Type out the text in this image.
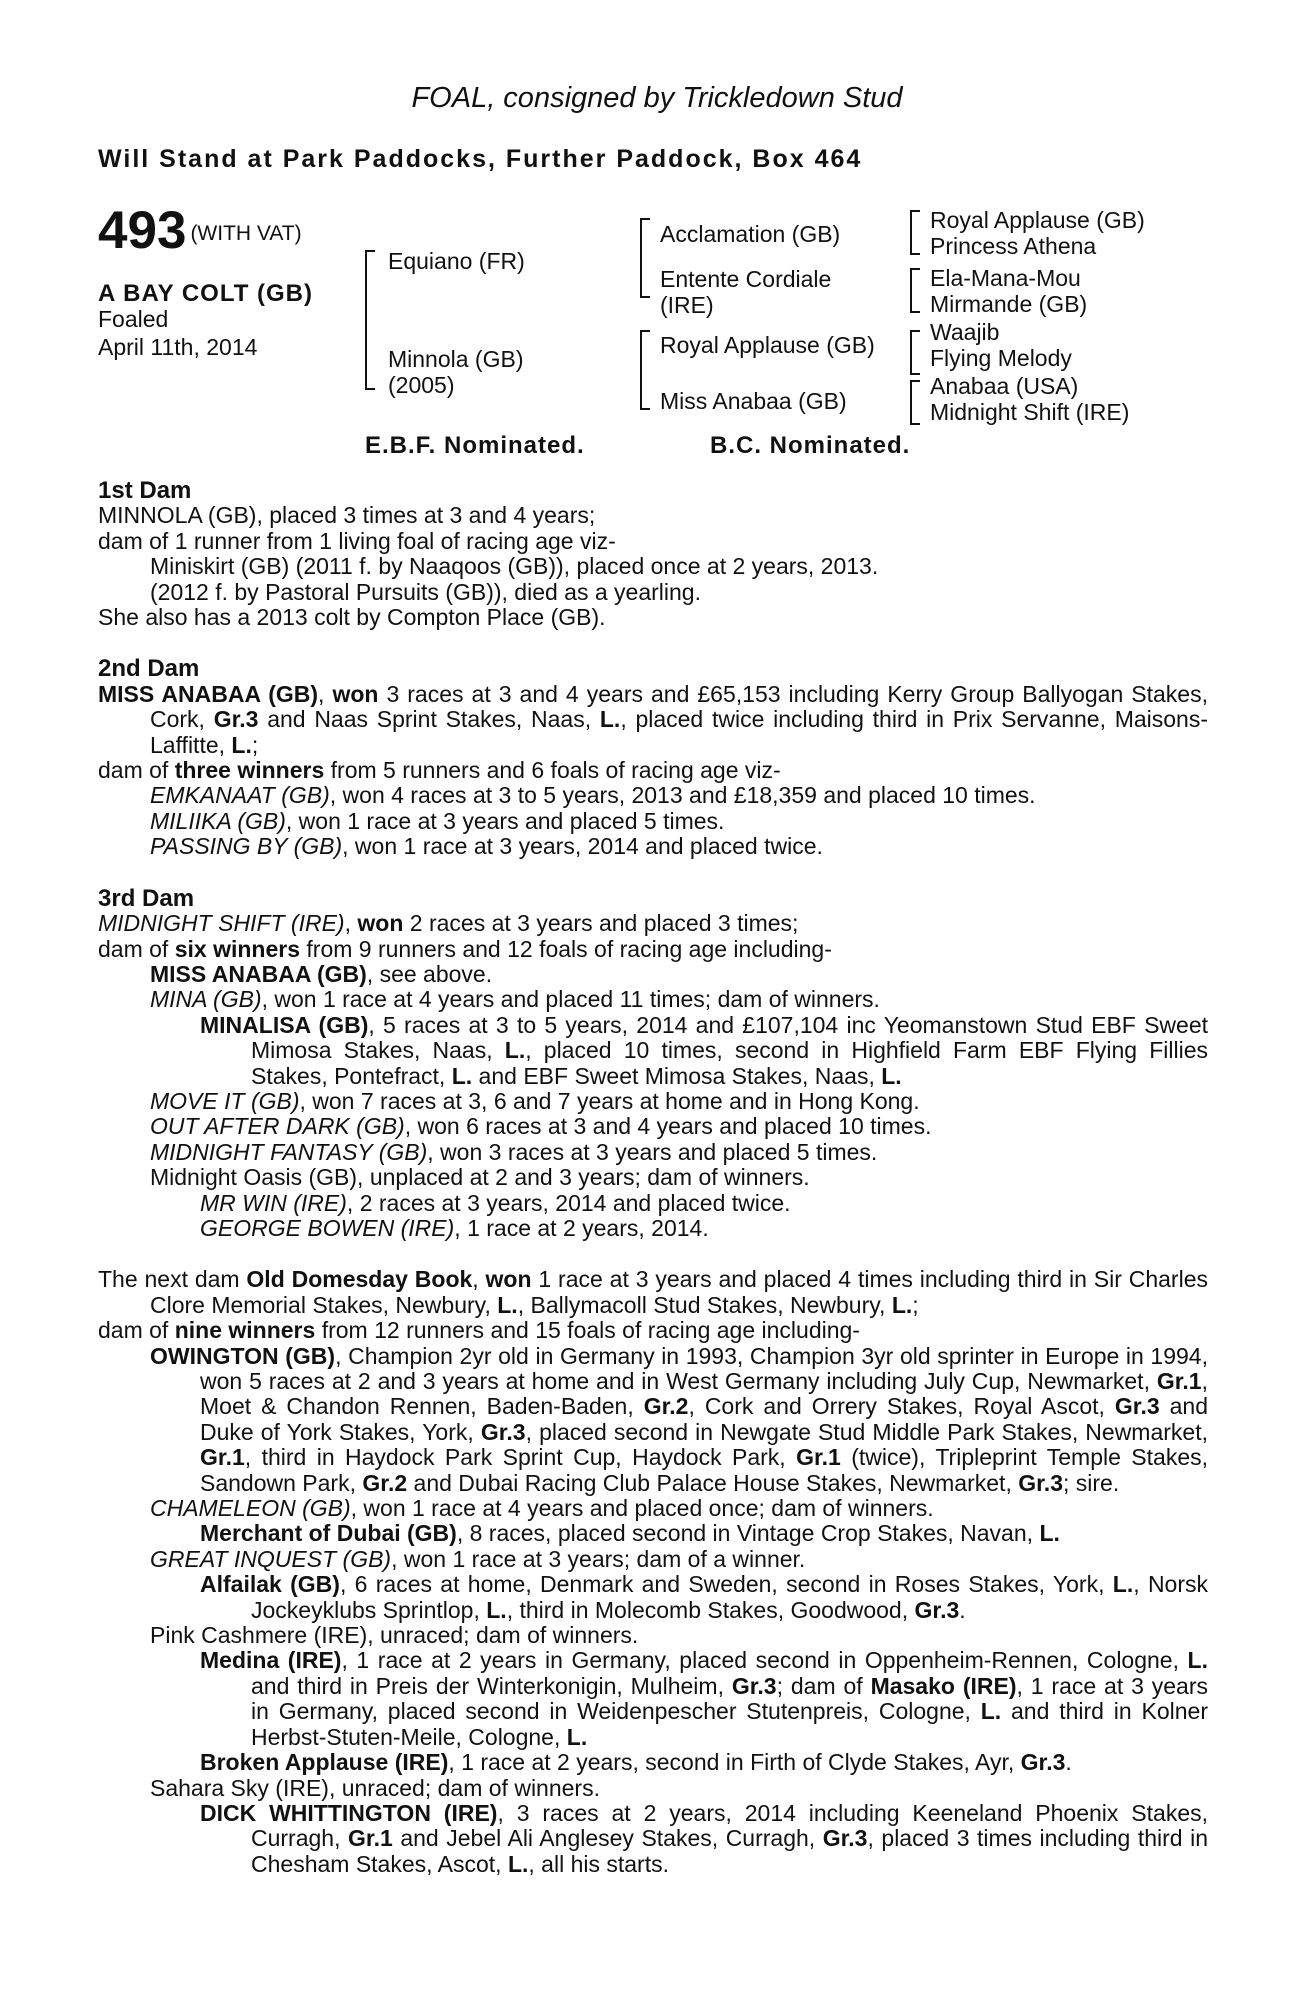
FOAL, consigned by Trickledown Stud
Will Stand at Park Paddocks, Further Paddock, Box 464
493 (WITH VAT)
A BAY COLT (GB)
Foaled
April 11th, 2014
Equiano (FR)
Minnola (GB)
(2005)
Acclamation (GB)
Entente Cordiale
(IRE)
Royal Applause (GB)
Miss Anabaa (GB)
Royal Applause (GB)
Princess Athena
Ela-Mana-Mou
Mirmande (GB)
Waajib
Flying Melody
Anabaa (USA)
Midnight Shift (IRE)
E.B.F. Nominated.	B.C. Nominated.

1st Dam

MINNOLA (GB), placed 3 times at 3 and 4 years;

dam of 1 runner from 1 living foal of racing age viz-

Miniskirt (GB) (2011 f. by Naaqoos (GB)), placed once at 2 years, 2013.

(2012 f. by Pastoral Pursuits (GB)), died as a yearling.

She also has a 2013 colt by Compton Place (GB).

2nd Dam

MISS ANABAA (GB), won 3 races at 3 and 4 years and £65,153 including Kerry Group Ballyogan Stakes, Cork, Gr.3 and Naas Sprint Stakes, Naas, L., placed twice including third in Prix Servanne, Maisons-Laffitte, L.;

dam of three winners from 5 runners and 6 foals of racing age viz-

EMKANAAT (GB), won 4 races at 3 to 5 years, 2013 and £18,359 and placed 10 times.

MILIIKA (GB), won 1 race at 3 years and placed 5 times.

PASSING BY (GB), won 1 race at 3 years, 2014 and placed twice.

3rd Dam

MIDNIGHT SHIFT (IRE), won 2 races at 3 years and placed 3 times;

dam of six winners from 9 runners and 12 foals of racing age including-

MISS ANABAA (GB), see above.

MINA (GB), won 1 race at 4 years and placed 11 times; dam of winners.

MINALISA (GB), 5 races at 3 to 5 years, 2014 and £107,104 inc Yeomanstown Stud EBF Sweet Mimosa Stakes, Naas, L., placed 10 times, second in Highfield Farm EBF Flying Fillies Stakes, Pontefract, L. and EBF Sweet Mimosa Stakes, Naas, L.

MOVE IT (GB), won 7 races at 3, 6 and 7 years at home and in Hong Kong.

OUT AFTER DARK (GB), won 6 races at 3 and 4 years and placed 10 times.

MIDNIGHT FANTASY (GB), won 3 races at 3 years and placed 5 times.

Midnight Oasis (GB), unplaced at 2 and 3 years; dam of winners.

MR WIN (IRE), 2 races at 3 years, 2014 and placed twice.

GEORGE BOWEN (IRE), 1 race at 2 years, 2014.

The next dam Old Domesday Book, won 1 race at 3 years and placed 4 times including third in Sir Charles Clore Memorial Stakes, Newbury, L., Ballymacoll Stud Stakes, Newbury, L.;

dam of nine winners from 12 runners and 15 foals of racing age including-

OWINGTON (GB), Champion 2yr old in Germany in 1993, Champion 3yr old sprinter in Europe in 1994, won 5 races at 2 and 3 years at home and in West Germany including July Cup, Newmarket, Gr.1, Moet & Chandon Rennen, Baden-Baden, Gr.2, Cork and Orrery Stakes, Royal Ascot, Gr.3 and Duke of York Stakes, York, Gr.3, placed second in Newgate Stud Middle Park Stakes, Newmarket, Gr.1, third in Haydock Park Sprint Cup, Haydock Park, Gr.1 (twice), Tripleprint Temple Stakes, Sandown Park, Gr.2 and Dubai Racing Club Palace House Stakes, Newmarket, Gr.3; sire.

CHAMELEON (GB), won 1 race at 4 years and placed once; dam of winners.

Merchant of Dubai (GB), 8 races, placed second in Vintage Crop Stakes, Navan, L.

GREAT INQUEST (GB), won 1 race at 3 years; dam of a winner.

Alfailak (GB), 6 races at home, Denmark and Sweden, second in Roses Stakes, York, L., Norsk Jockeyklubs Sprintlop, L., third in Molecomb Stakes, Goodwood, Gr.3.

Pink Cashmere (IRE), unraced; dam of winners.

Medina (IRE), 1 race at 2 years in Germany, placed second in Oppenheim-Rennen, Cologne, L. and third in Preis der Winterkonigin, Mulheim, Gr.3; dam of Masako (IRE), 1 race at 3 years in Germany, placed second in Weidenpescher Stutenpreis, Cologne, L. and third in Kolner Herbst-Stuten-Meile, Cologne, L.

Broken Applause (IRE), 1 race at 2 years, second in Firth of Clyde Stakes, Ayr, Gr.3.

Sahara Sky (IRE), unraced; dam of winners.

DICK WHITTINGTON (IRE), 3 races at 2 years, 2014 including Keeneland Phoenix Stakes, Curragh, Gr.1 and Jebel Ali Anglesey Stakes, Curragh, Gr.3, placed 3 times including third in Chesham Stakes, Ascot, L., all his starts.
